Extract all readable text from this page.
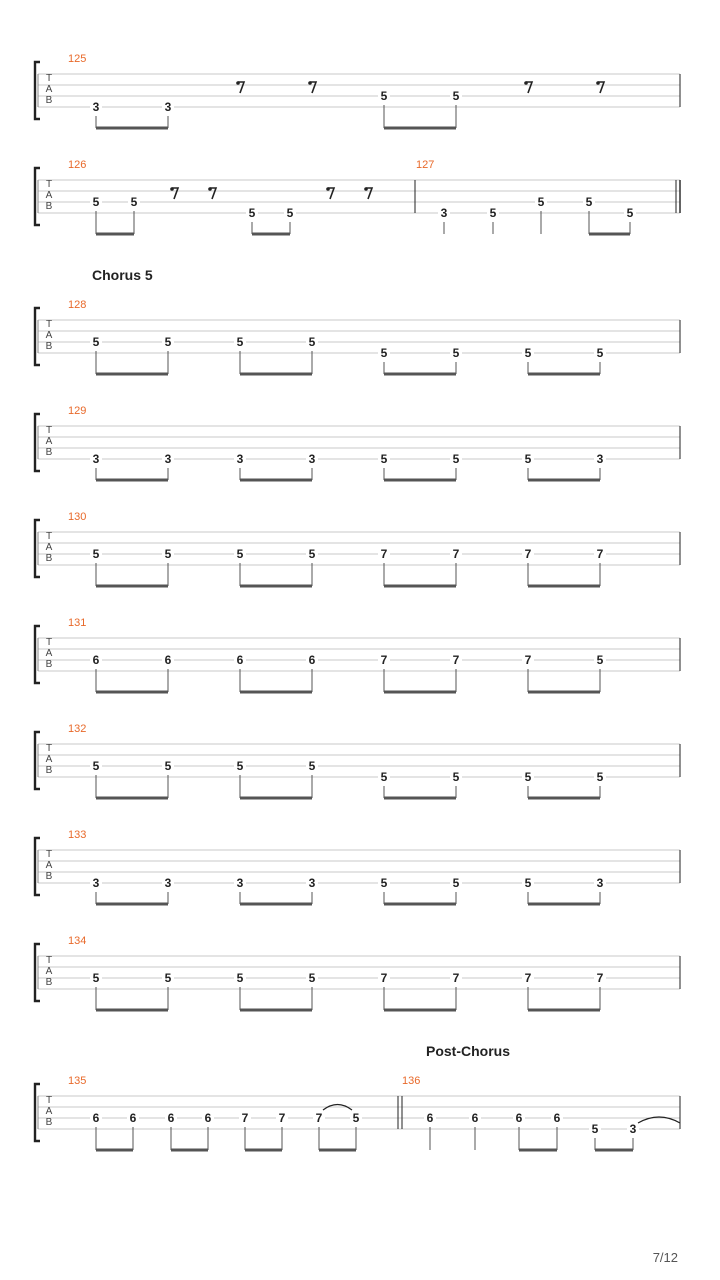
Chorus 5
Post-Chorus
T
A
B
125
3	3
5	5
T
A
B
126
5	5
5	5
127
3	5
5	5
5
T
A
B
128
5	5	5	5
5	5	5	5
T
A
B
129
3	3	3	3	5	5	5	3
T
A
B
130
5	5	5	5	7	7	7	7
T
A
B
131
6	6	6	6	7	7	7	5
T
A
B
132
5	5	5	5
5	5	5	5
T
A
B
133
3	3	3	3	5	5	5	3
T
A
B
134
5	5	5	5	7	7	7	7
T
A
B
135
6	6	6	6	7	7	7	5
136
6	6	6	6
5	3
7/12
